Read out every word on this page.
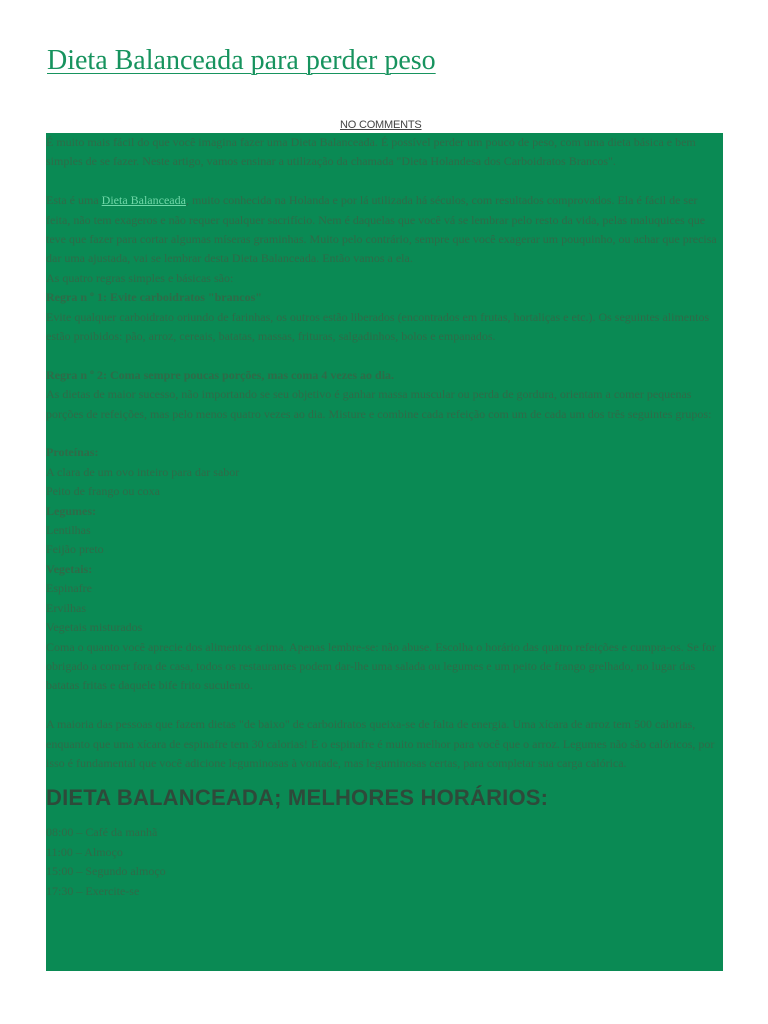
Dieta Balanceada para perder peso
NO COMMENTS

É muito mais fácil do que você imagina fazer uma Dieta Balanceada. É possível perder um pouco de peso, com uma dieta básica e bem simples de se fazer. Neste artigo, vamos ensinar a utilização da chamada "Dieta Holandesa dos Carboidratos Brancos".

Esta é uma Dieta Balanceada, muito conhecida na Holanda e por lá utilizada há séculos, com resultados comprovados. Ela é fácil de ser feita, não tem exageros e não requer qualquer sacrifício. Nem é daquelas que você vá se lembrar pelo resto da vida, pelas maluquices que teve que fazer para cortar algumas míseras graminhas. Muito pelo contrário, sempre que você exagerar um pouquinho, ou achar que precisa dar uma ajustada, vai se lembrar desta Dieta Balanceada. Então vamos a ela.

As quatro regras simples e básicas são:

Regra n º 1: Evite carboidratos "brancos"

Evite qualquer carboidrato oriundo de farinhas, os outros estão liberados (encontrados em frutas, hortaliças e etc.). Os seguintes alimentos estão proibidos: pão, arroz, cereais, batatas, massas, frituras, salgadinhos, bolos e empanados.

Regra n º 2: Coma sempre poucas porções, mas coma 4 vezes ao dia.

As dietas de maior sucesso, não importando se seu objetivo é ganhar massa muscular ou perda de gordura, orientam a comer pequenas porções de refeições, mas pelo menos quatro vezes ao dia. Misture e combine cada refeição com um de cada um dos três seguintes grupos:

Proteínas:

A clara de um ovo inteiro para dar sabor

Peito de frango ou coxa

Legumes:

Lentilhas

Feijão preto

Vegetais:

Espinafre

Ervilhas

Vegetais misturados

Coma o quanto você aprecie dos alimentos acima. Apenas lembre-se: não abuse. Escolha o horário das quatro refeições e cumpra-os. Se for obrigado a comer fora de casa, todos os restaurantes podem dar-lhe uma salada ou legumes e um peito de frango grelhado, no lugar das batatas fritas e daquele bife frito suculento.

A maioria das pessoas que fazem dietas "de baixo" de carboidratos queixa-se de falta de energia. Uma xícara de arroz tem 500 calorias, enquanto que uma xícara de espinafre tem 30 calorias! E o espinafre é muito melhor para você que o arroz. Legumes não são calóricos, por isso é fundamental que você adicione leguminosas à vontade, mas leguminosas certas, para completar sua carga calórica.

DIETA BALANCEADA; MELHORES HORÁRIOS:

08:00 – Café da manhã

11:00 – Almoço

15:00 – Segundo almoço

17:30 – Exercite-se
